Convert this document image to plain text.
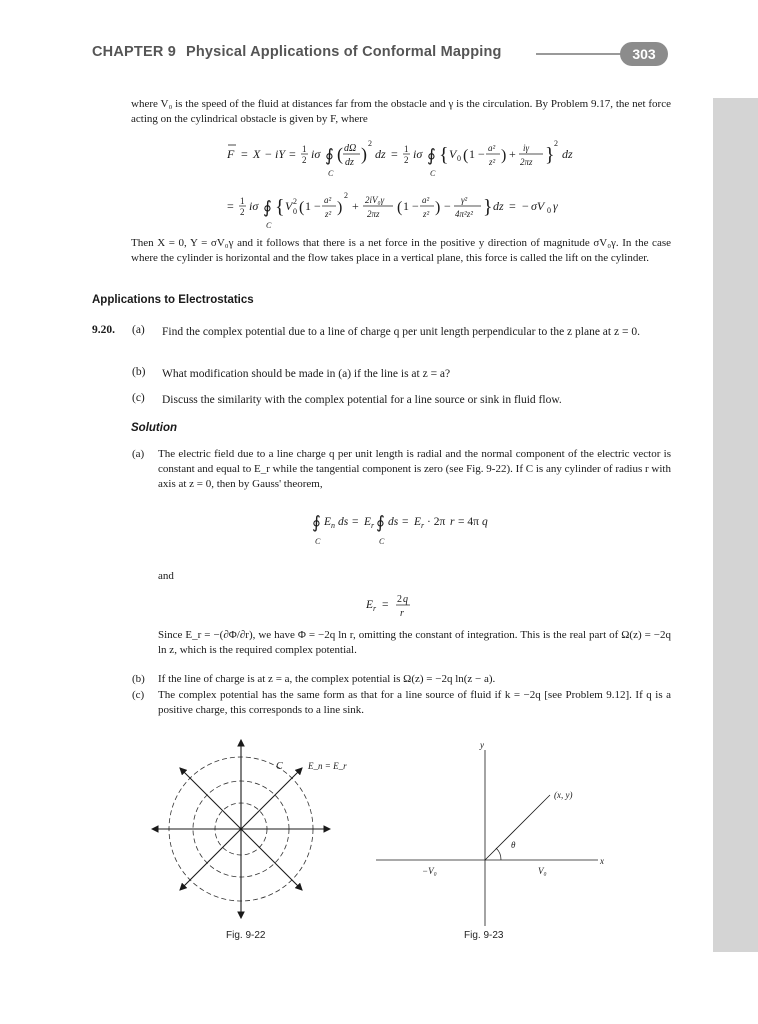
CHAPTER 9 Physical Applications of Conformal Mapping	303
where V₀ is the speed of the fluid at distances far from the obstacle and γ is the circulation. By Problem 9.17, the net force acting on the cylindrical obstacle is given by F, where
F = X − iY = 1
2 iσ ∮
C
( dΩ
dz )
2
dz = 1
2 iσ ∮
C
{ V 0 ( 1 − a²
z² ) + iγ
2πz }
2
dz
= 1
2 iσ ∮
C
{ V 2
0 ( 1 − a²
z² )
2
+ 2iV₀γ
2πz ( 1 − a²
z² ) − γ²
4π²z² } dz = − σV 0 γ
Then X = 0, Y = σV₀γ and it follows that there is a net force in the positive y direction of magnitude σV₀γ. In the case where the cylinder is horizontal and the flow takes place in a vertical plane, this force is called the lift on the cylinder.
Applications to Electrostatics
9.20. (a) Find the complex potential due to a line of charge q per unit length perpendicular to the z plane at z = 0.
(b) What modification should be made in (a) if the line is at z = a?
(c) Discuss the similarity with the complex potential for a line source or sink in fluid flow.
Solution
(a) The electric field due to a line charge q per unit length is radial and the normal component of the electric vector is constant and equal to E_r while the tangential component is zero (see Fig. 9-22). If C is any cylinder of radius r with axis at z = 0, then by Gauss' theorem,
∮
C
E n ds = E r ∮
C
ds = E r · 2π r = 4π q
and
E r = 2 q
r
Since E_r = −(∂Φ/∂r), we have Φ = −2q ln r, omitting the constant of integration. This is the real part of Ω(z) = −2q ln z, which is the required complex potential.
(b) If the line of charge is at z = a, the complex potential is Ω(z) = −2q ln(z − a).
(c) The complex potential has the same form as that for a line source of fluid if k = −2q [see Problem 9.12]. If q is a positive charge, this corresponds to a line sink.
C	E_n = E_r
Fig. 9-22
y
x
(x, y)
θ
−V₀	V₀
Fig. 9-23
